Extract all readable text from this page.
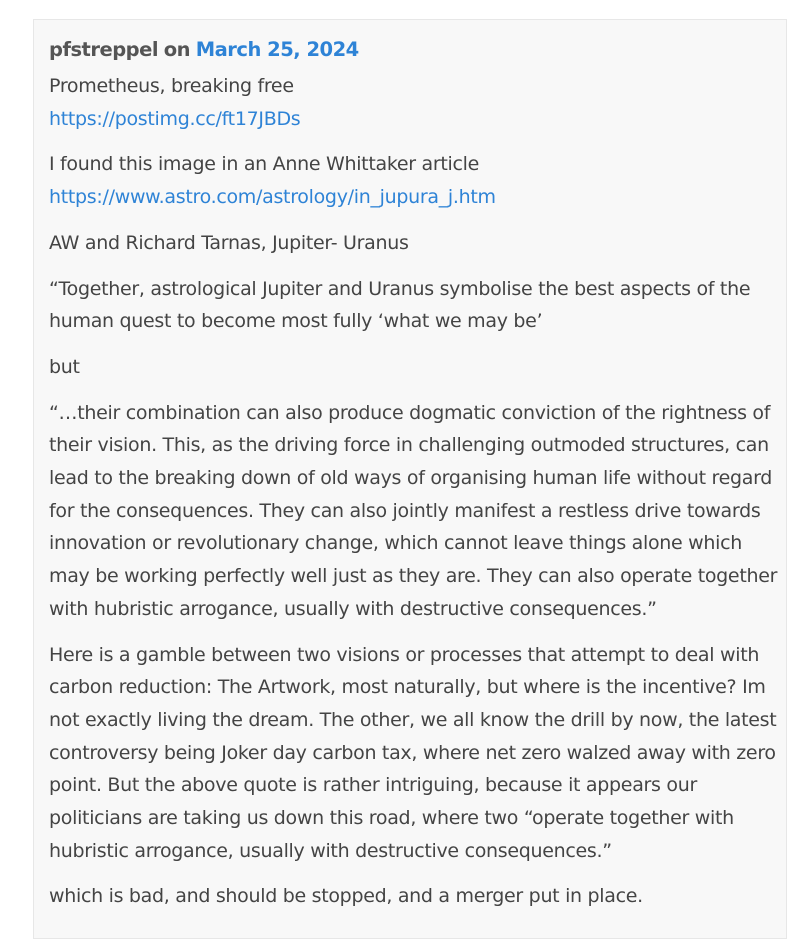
pfstreppel on March 25, 2024
Prometheus, breaking free
https://postimg.cc/ft17JBDs
I found this image in an Anne Whittaker article
https://www.astro.com/astrology/in_jupura_j.htm
AW and Richard Tarnas, Jupiter- Uranus
“Together, astrological Jupiter and Uranus symbolise the best aspects of the
human quest to become most fully ‘what we may be’
but
“…their combination can also produce dogmatic conviction of the rightness of
their vision. This, as the driving force in challenging outmoded structures, can
lead to the breaking down of old ways of organising human life without regard
for the consequences. They can also jointly manifest a restless drive towards
innovation or revolutionary change, which cannot leave things alone which
may be working perfectly well just as they are. They can also operate together
with hubristic arrogance, usually with destructive consequences.”
Here is a gamble between two visions or processes that attempt to deal with
carbon reduction: The Artwork, most naturally, but where is the incentive? Im
not exactly living the dream. The other, we all know the drill by now, the latest
controversy being Joker day carbon tax, where net zero walzed away with zero
point. But the above quote is rather intriguing, because it appears our
politicians are taking us down this road, where two “operate together with
hubristic arrogance, usually with destructive consequences.”
which is bad, and should be stopped, and a merger put in place.
